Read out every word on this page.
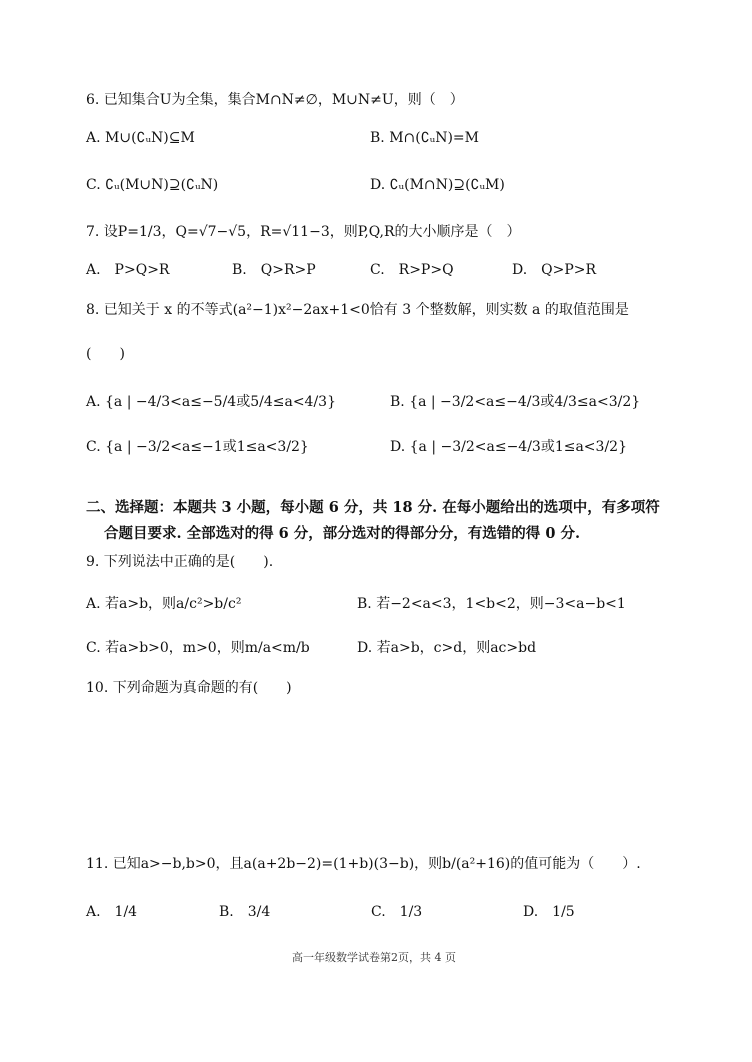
6. 已知集合U为全集，集合M∩N≠∅，M∪N≠U，则（　）
A. M∪(∁ᵤN)⊆M	B. M∩(∁ᵤN)=M
C. ∁ᵤ(M∪N)⊇(∁ᵤN)	D. ∁ᵤ(M∩N)⊇(∁ᵤM)
7. 设P=1/3，Q=√7−√5，R=√11−3，则P,Q,R的大小顺序是（　）
A.　P>Q>R	B.　Q>R>P	C.　R>P>Q	D.　Q>P>R
8. 已知关于 x 的不等式(a²−1)x²−2ax+1<0恰有 3 个整数解，则实数 a 的取值范围是
(　　)
A. {a | −4/3<a≤−5/4或5/4≤a<4/3}	B. {a | −3/2<a≤−4/3或4/3≤a<3/2}
C. {a | −3/2<a≤−1或1≤a<3/2}	D. {a | −3/2<a≤−4/3或1≤a<3/2}
二、选择题：本题共 3 小题，每小题 6 分，共 18 分. 在每小题给出的选项中，有多项符
合题目要求. 全部选对的得 6 分，部分选对的得部分分，有选错的得 0 分.
9. 下列说法中正确的是(　　).
A. 若a>b，则a/c²>b/c²	B. 若−2<a<3，1<b<2，则−3<a−b<1
C. 若a>b>0，m>0，则m/a<m/b	D. 若a>b，c>d，则ac>bd
10. 下列命题为真命题的有(　　)
11. 已知a>−b,b>0，且a(a+2b−2)=(1+b)(3−b)，则b/(a²+16)的值可能为（　　）.
A.　1/4	B.　3/4	C.　1/3	D.　1/5
高一年级数学试卷第2页，共 4 页
